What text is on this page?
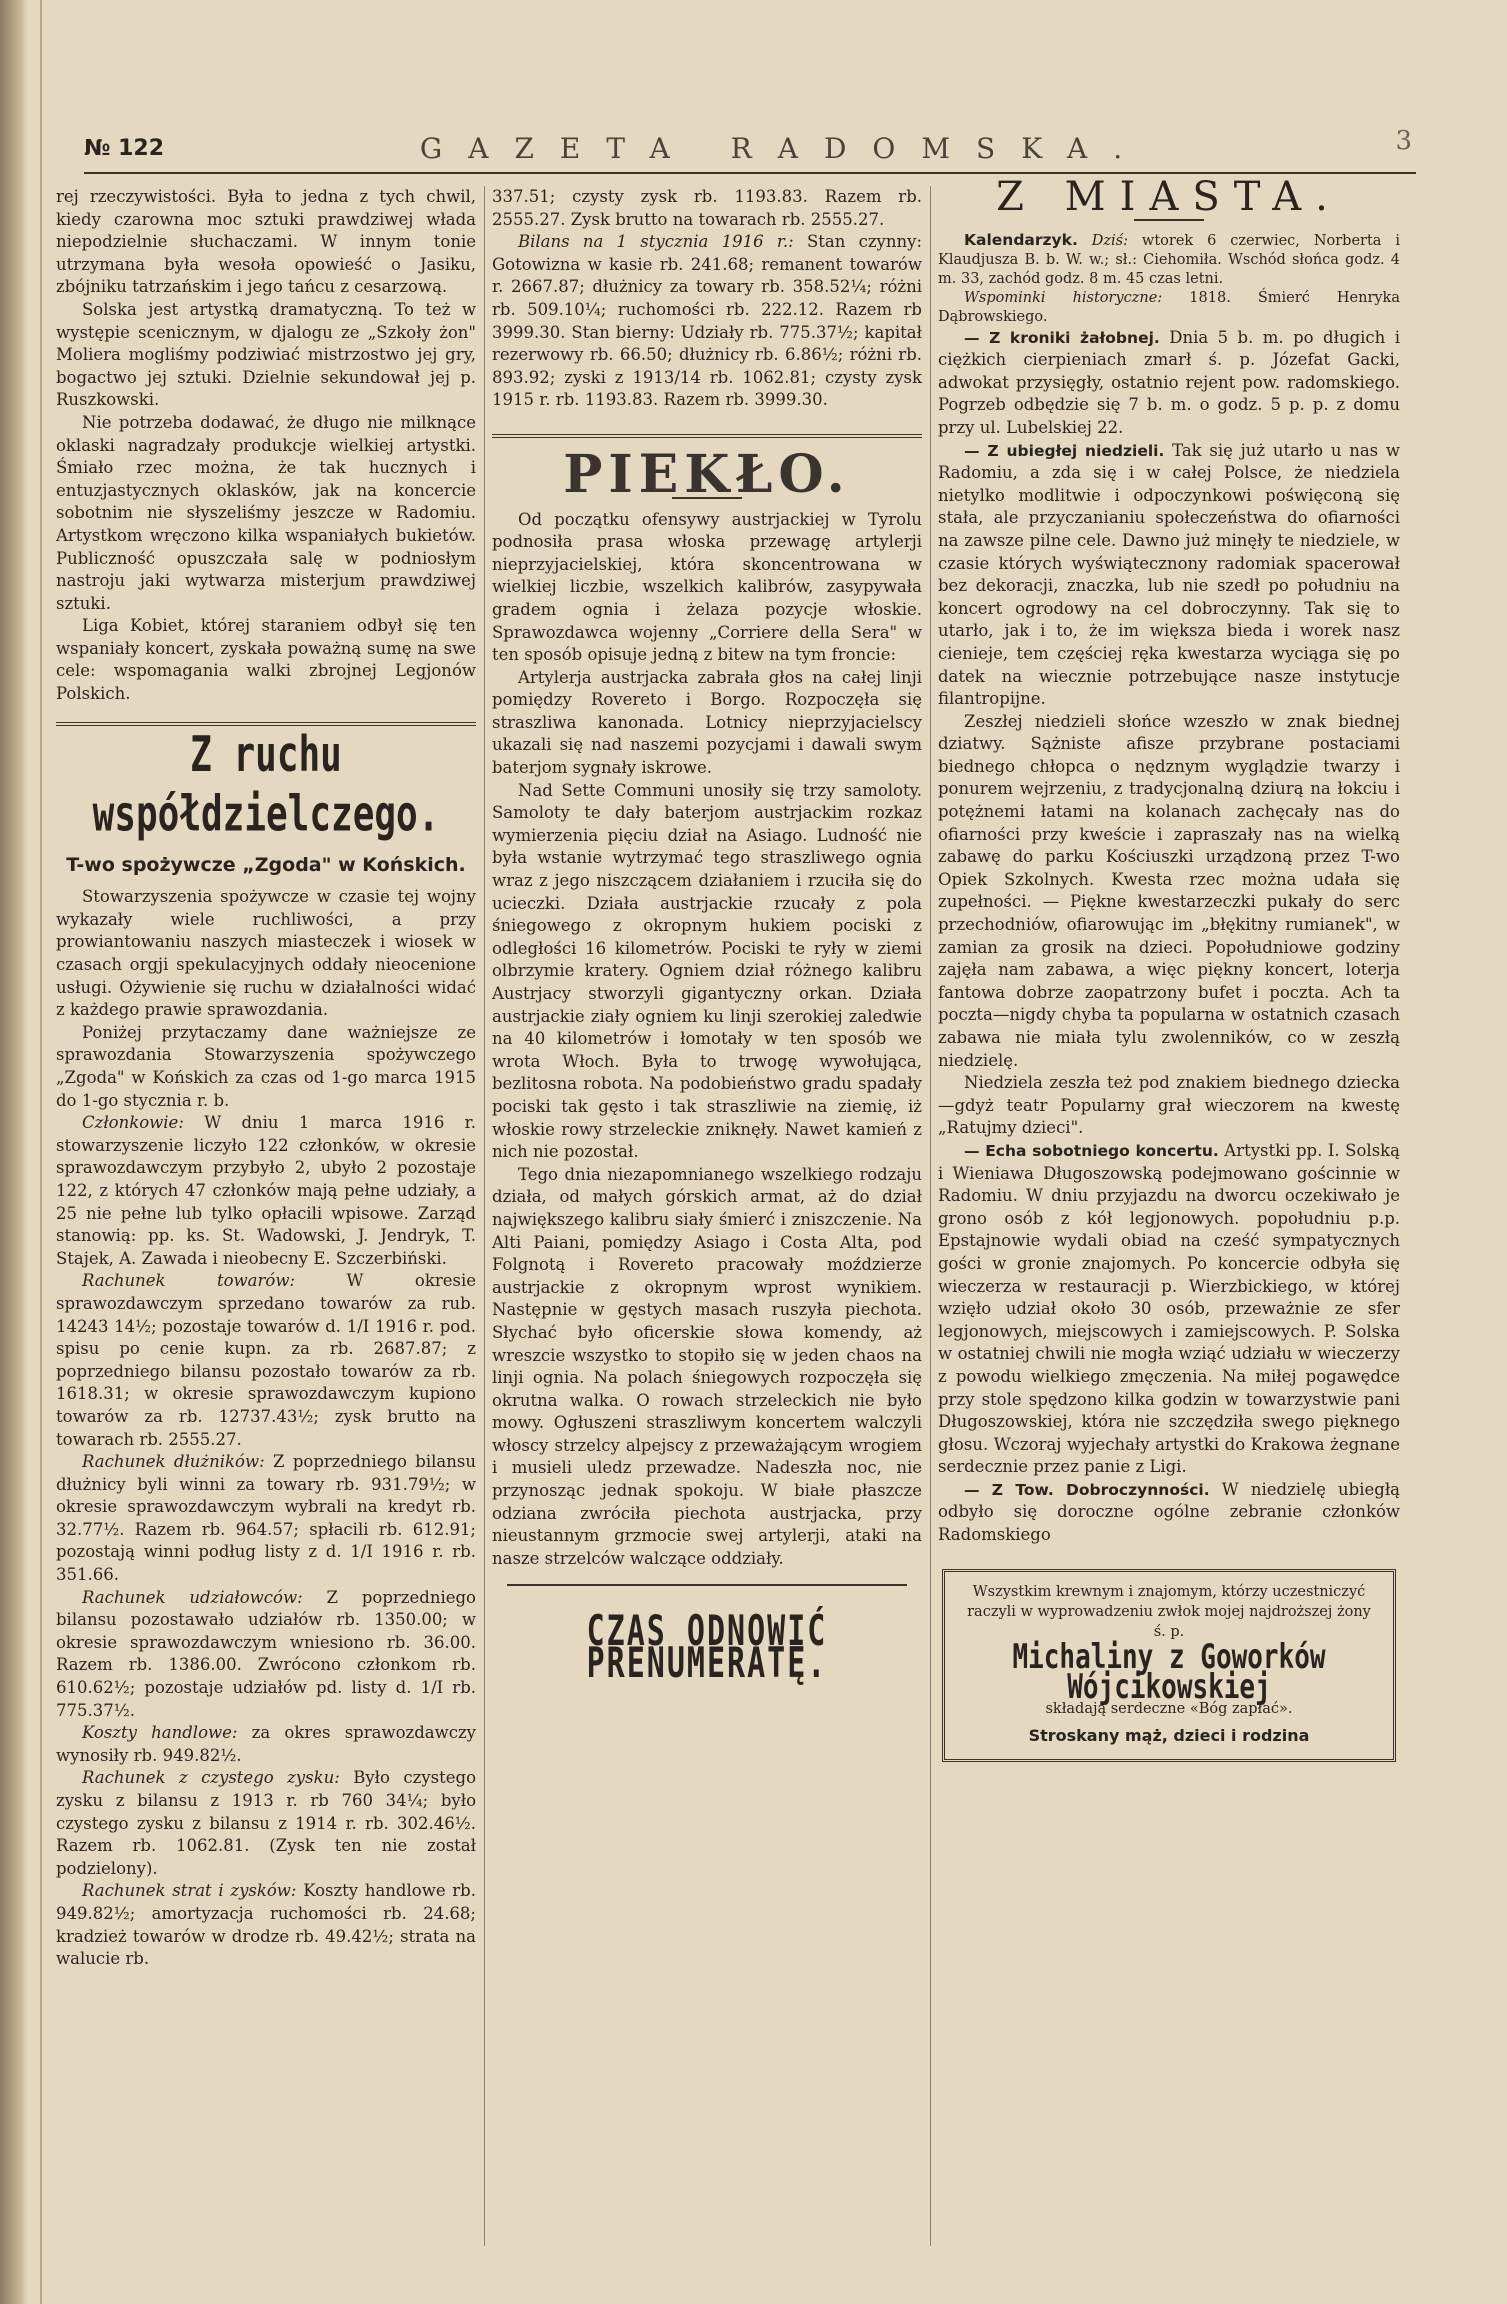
№ 122	GAZETA RADOMSKA.	3

rej rzeczywistości. Była to jedna z tych chwil, kiedy czarowna moc sztuki prawdziwej włada niepodzielnie słuchaczami. W innym tonie utrzymana była wesoła opowieść o Jasiku, zbójniku tatrzańskim i jego tańcu z cesarzową.

Solska jest artystką dramatyczną. To też w występie scenicznym, w djalogu ze „Szkoły żon" Moliera mogliśmy podziwiać mistrzostwo jej gry, bogactwo jej sztuki. Dzielnie sekundował jej p. Ruszkowski.

Nie potrzeba dodawać, że długo nie milknące oklaski nagradzały produkcje wielkiej artystki. Śmiało rzec można, że tak hucznych i entuzjastycznych oklasków, jak na koncercie sobotnim nie słyszeliśmy jeszcze w Radomiu. Artystkom wręczono kilka wspaniałych bukietów. Publiczność opuszczała salę w podniosłym nastroju jaki wytwarza misterjum prawdziwej sztuki.

Liga Kobiet, której staraniem odbył się ten wspaniały koncert, zyskała poważną sumę na swe cele: wspomagania walki zbrojnej Legjonów Polskich.

Z ruchu współdzielczego.
T-wo spożywcze „Zgoda" w Końskich.

Stowarzyszenia spożywcze w czasie tej wojny wykazały wiele ruchliwości, a przy prowiantowaniu naszych miasteczek i wiosek w czasach orgji spekulacyjnych oddały nieocenione usługi. Ożywienie się ruchu w działalności widać z każdego prawie sprawozdania.

Poniżej przytaczamy dane ważniejsze ze sprawozdania Stowarzyszenia spożywczego „Zgoda" w Końskich za czas od 1-go marca 1915 do 1-go stycznia r. b.

Członkowie: W dniu 1 marca 1916 r. stowarzyszenie liczyło 122 członków, w okresie sprawozdawczym przybyło 2, ubyło 2 pozostaje 122, z których 47 członków mają pełne udziały, a 25 nie pełne lub tylko opłacili wpisowe. Zarząd stanowią: pp. ks. St. Wadowski, J. Jendryk, T. Stajek, A. Zawada i nieobecny E. Szczerbiński.

Rachunek towarów: W okresie sprawozdawczym sprzedano towarów za rub. 14243 14½; pozostaje towarów d. 1/I 1916 r. pod. spisu po cenie kupn. za rb. 2687.87; z poprzedniego bilansu pozostało towarów za rb. 1618.31; w okresie sprawozdawczym kupiono towarów za rb. 12737.43½; zysk brutto na towarach rb. 2555.27.

Rachunek dłużników: Z poprzedniego bilansu dłużnicy byli winni za towary rb. 931.79½; w okresie sprawozdawczym wybrali na kredyt rb. 32.77½. Razem rb. 964.57; spłacili rb. 612.91; pozostają winni podług listy z d. 1/I 1916 r. rb. 351.66.

Rachunek udziałowców: Z poprzedniego bilansu pozostawało udziałów rb. 1350.00; w okresie sprawozdawczym wniesiono rb. 36.00. Razem rb. 1386.00. Zwrócono członkom rb. 610.62½; pozostaje udziałów pd. listy d. 1/I rb. 775.37½.

Koszty handlowe: za okres sprawozdawczy wynosiły rb. 949.82½.

Rachunek z czystego zysku: Było czystego zysku z bilansu z 1913 r. rb 760 34¼; było czystego zysku z bilansu z 1914 r. rb. 302.46½. Razem rb. 1062.81. (Zysk ten nie został podzielony).

Rachunek strat i zysków: Koszty handlowe rb. 949.82½; amortyzacja ruchomości rb. 24.68; kradzież towarów w drodze rb. 49.42½; strata na walucie rb.

337.51; czysty zysk rb. 1193.83. Razem rb. 2555.27. Zysk brutto na towarach rb. 2555.27.

Bilans na 1 stycznia 1916 r.: Stan czynny: Gotowizna w kasie rb. 241.68; remanent towarów r. 2667.87; dłużnicy za towary rb. 358.52¼; różni rb. 509.10¼; ruchomości rb. 222.12. Razem rb 3999.30. Stan bierny: Udziały rb. 775.37½; kapitał rezerwowy rb. 66.50; dłużnicy rb. 6.86½; różni rb. 893.92; zyski z 1913/14 rb. 1062.81; czysty zysk 1915 r. rb. 1193.83. Razem rb. 3999.30.

PIEKŁO.

Od początku ofensywy austrjackiej w Tyrolu podnosiła prasa włoska przewagę artylerji nieprzyjacielskiej, która skoncentrowana w wielkiej liczbie, wszelkich kalibrów, zasypywała gradem ognia i żelaza pozycje włoskie. Sprawozdawca wojenny „Corriere della Sera" w ten sposób opisuje jedną z bitew na tym froncie:

Artylerja austrjacka zabrała głos na całej linji pomiędzy Rovereto i Borgo. Rozpoczęła się straszliwa kanonada. Lotnicy nieprzyjacielscy ukazali się nad naszemi pozycjami i dawali swym baterjom sygnały iskrowe.

Nad Sette Communi unosiły się trzy samoloty. Samoloty te dały baterjom austrjackim rozkaz wymierzenia pięciu dział na Asiago. Ludność nie była wstanie wytrzymać tego straszliwego ognia wraz z jego niszczącem działaniem i rzuciła się do ucieczki. Działa austrjackie rzucały z pola śniegowego z okropnym hukiem pociski z odległości 16 kilometrów. Pociski te ryły w ziemi olbrzymie kratery. Ogniem dział różnego kalibru Austrjacy stworzyli gigantyczny orkan. Działa austrjackie ziały ogniem ku linji szerokiej zaledwie na 40 kilometrów i łomotały w ten sposób we wrota Włoch. Była to trwogę wywołująca, bezlitosna robota. Na podobieństwo gradu spadały pociski tak gęsto i tak straszliwie na ziemię, iż włoskie rowy strzeleckie zniknęły. Nawet kamień z nich nie pozostał.

Tego dnia niezapomnianego wszelkiego rodzaju działa, od małych górskich armat, aż do dział największego kalibru siały śmierć i zniszczenie. Na Alti Paiani, pomiędzy Asiago i Costa Alta, pod Folgnotą i Rovereto pracowały moździerze austrjackie z okropnym wprost wynikiem. Następnie w gęstych masach ruszyła piechota. Słychać było oficerskie słowa komendy, aż wreszcie wszystko to stopiło się w jeden chaos na linji ognia. Na polach śniegowych rozpoczęła się okrutna walka. O rowach strzeleckich nie było mowy. Ogłuszeni straszliwym koncertem walczyli włoscy strzelcy alpejscy z przeważającym wrogiem i musieli uledz przewadze. Nadeszła noc, nie przynosząc jednak spokoju. W białe płaszcze odziana zwróciła piechota austrjacka, przy nieustannym grzmocie swej artylerji, ataki na nasze strzelców walczące oddziały.

CZAS ODNOWIĆ PRENUMERATĘ.
Z MIASTA.

Kalendarzyk. Dziś: wtorek 6 czerwiec, Norberta i Klaudjusza B. b. W. w.; sł.: Ciehomiła. Wschód słońca godz. 4 m. 33, zachód godz. 8 m. 45 czas letni.

Wspominki historyczne: 1818. Śmierć Henryka Dąbrowskiego.

— Z kroniki żałobnej. Dnia 5 b. m. po długich i ciężkich cierpieniach zmarł ś. p. Józefat Gacki, adwokat przysięgły, ostatnio rejent pow. radomskiego. Pogrzeb odbędzie się 7 b. m. o godz. 5 p. p. z domu przy ul. Lubelskiej 22.

— Z ubiegłej niedzieli. Tak się już utarło u nas w Radomiu, a zda się i w całej Polsce, że niedziela nietylko modlitwie i odpoczynkowi poświęconą się stała, ale przyczanianiu społeczeństwa do ofiarności na zawsze pilne cele. Dawno już minęły te niedziele, w czasie których wyświątecznony radomiak spacerował bez dekoracji, znaczka, lub nie szedł po południu na koncert ogrodowy na cel dobroczynny. Tak się to utarło, jak i to, że im większa bieda i worek nasz cienieje, tem częściej ręka kwestarza wyciąga się po datek na wiecznie potrzebujące nasze instytucje filantropijne.

Zeszłej niedzieli słońce wzeszło w znak biednej dziatwy. Sążniste afisze przybrane postaciami biednego chłopca o nędznym wyglądzie twarzy i ponurem wejrzeniu, z tradycjonalną dziurą na łokciu i potężnemi łatami na kolanach zachęcały nas do ofiarności przy kweście i zapraszały nas na wielką zabawę do parku Kościuszki urządzoną przez T-wo Opiek Szkolnych. Kwesta rzec można udała się zupełności. — Piękne kwestarzeczki pukały do serc przechodniów, ofiarowując im „błękitny rumianek", w zamian za grosik na dzieci. Popołudniowe godziny zajęła nam zabawa, a więc piękny koncert, loterja fantowa dobrze zaopatrzony bufet i poczta. Ach ta poczta—nigdy chyba ta popularna w ostatnich czasach zabawa nie miała tylu zwolenników, co w zeszłą niedzielę.

Niedziela zeszła też pod znakiem biednego dziecka—gdyż teatr Popularny grał wieczorem na kwestę „Ratujmy dzieci".

— Echa sobotniego koncertu. Artystki pp. I. Solską i Wieniawa Długoszowską podejmowano gościnnie w Radomiu. W dniu przyjazdu na dworcu oczekiwało je grono osób z kół legjonowych. popołudniu p.p. Epstajnowie wydali obiad na cześć sympatycznych gości w gronie znajomych. Po koncercie odbyła się wieczerza w restauracji p. Wierzbickiego, w której wzięło udział około 30 osób, przeważnie ze sfer legjonowych, miejscowych i zamiejscowych. P. Solska w ostatniej chwili nie mogła wziąć udziału w wieczerzy z powodu wielkiego zmęczenia. Na miłej pogawędce przy stole spędzono kilka godzin w towarzystwie pani Długoszowskiej, która nie szczędziła swego pięknego głosu. Wczoraj wyjechały artystki do Krakowa żegnane serdecznie przez panie z Ligi.

— Z Tow. Dobroczynności. W niedzielę ubiegłą odbyło się doroczne ogólne zebranie członków Radomskiego

Wszystkim krewnym i znajomym, którzy uczestniczyć raczyli w wyprowadzeniu zwłok mojej najdroższej żony ś. p.
Michaliny z Goworków Wójcikowskiej
składają serdeczne «Bóg zapłać».
Stroskany mąż, dzieci i rodzina
